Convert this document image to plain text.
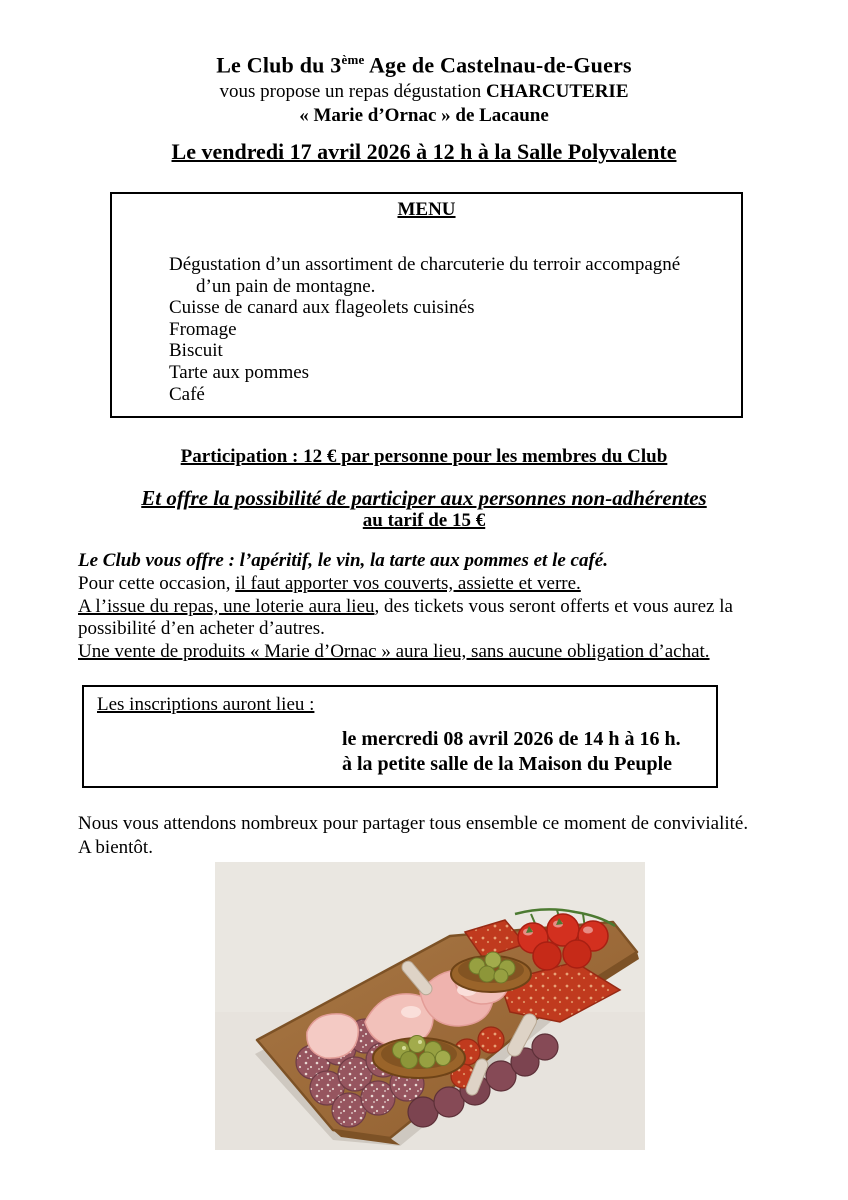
Le Club du 3ème Age de Castelnau-de-Guers
vous propose un repas dégustation CHARCUTERIE
« Marie d’Ornac » de Lacaune
Le vendredi 17 avril 2026 à 12 h à la Salle Polyvalente
MENU
Dégustation d’un assortiment de charcuterie du terroir accompagné
d’un pain de montagne.
Cuisse de canard aux flageolets cuisinés
Fromage
Biscuit
Tarte aux pommes
Café
Participation : 12 € par personne pour les membres du Club
Et offre la possibilité de participer aux personnes non-adhérentes
au tarif de 15 €
Le Club vous offre : l’apéritif, le vin, la tarte aux pommes et le café.
Pour cette occasion, il faut apporter vos couverts, assiette et verre.
A l’issue du repas, une loterie aura lieu, des tickets vous seront offerts et vous aurez la possibilité d’en acheter d’autres.
Une vente de produits « Marie d’Ornac » aura lieu, sans aucune obligation d’achat.
Les inscriptions auront lieu :
le mercredi 08 avril 2026 de 14 h à 16 h.
à la petite salle de la Maison du Peuple
Nous vous attendons nombreux pour partager tous ensemble ce moment de convivialité.
A bientôt.
